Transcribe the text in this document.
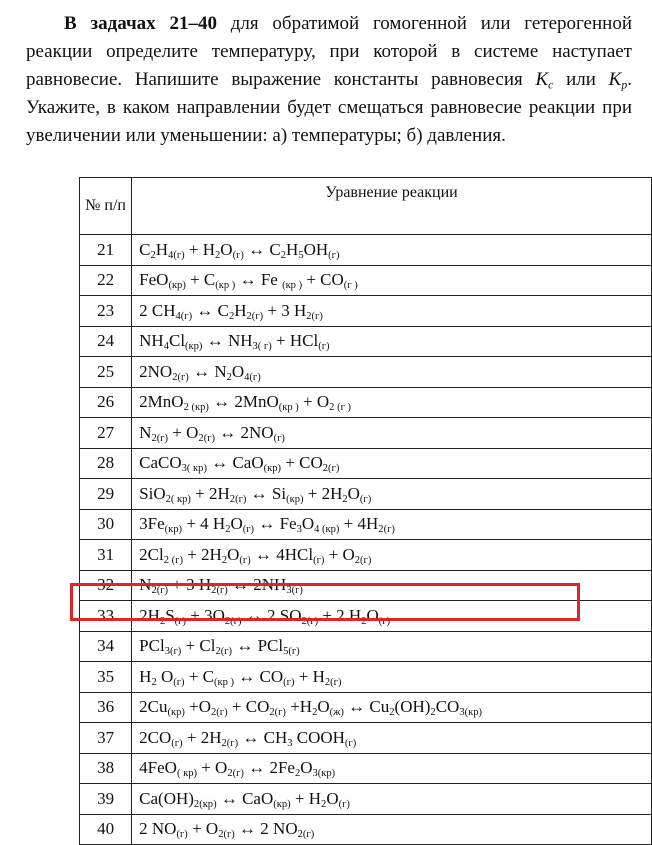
В задачах 21–40 для обратимой гомогенной или гетерогенной реакции определите температуру, при которой в системе наступает равновесие. Напишите выражение константы равновесия $K_c$ или $K_p$. Укажите, в каком направлении будет смещаться равновесие реакции при увеличении или уменьшении: а) температуры; б) давления.
№ п/п	Уравнение реакции
21	$C_2H_{4(г)} + H_2O_{(г)}$ ↔ $C_2H_5OH_{(г)}$
22	$FeO_{(кр)} + C_{(кр )}$ ↔ Fe $_{(кр )} + CO_{(г )}$
23	2 $CH_{4(г)}$ ↔ $C_2H_{2(г)} + 3$ $H_{2(г)}$
24	$NH_4Cl_{(кр)}$ ↔ $NH_{3( г)} + HCl_{(г)}$
25	$2NO_{2(г)}$ ↔ $N_2O_{4(г)}$
26	2MnO$_{2 (кр)}$ ↔ $2MnO_{(кр )} + O_{2 (г )}$
27	$N_{2(г)} + O_{2(г)}$ ↔ $2NO_{(г)}$
28	CaCO$_{3( кр)}$ ↔ $CaO_{(кр)} + CO_{2(г)}$
29	$SiO_{2( кр)} + 2H_{2(г)}$ ↔ $Si_{(кр)} + 2H_2O_{(г)}$
30	$3Fe_{(кр)} + 4$ $H_2O_{(г)}$ ↔ $Fe_3O_{4 (кр)} + 4H_{2(г)}$
31	$2Cl_{2 (г)} + 2H_2O_{(г)}$ ↔ $4HCl_{(г)} + O_{2(г)}$
32	$N_{2(г)} + 3$ $H_{2(г)}$ ↔ $2NH_{3(г)}$
33	$2H_2S_{(г)} + 3O_{2(г)}$ ↔ 2 $SO_{2(г)} + 2$ $H_2O_{(г)}$
34	$PCl_{3(г)} + Cl_{2(г)}$ ↔ PCl$_{5(г)}$
35	$H_2$ $O_{(г)} + C_{(кр )}$ ↔ $CO_{(г)} + H_{2(г)}$
36	$2Cu_{(кр)} +O_{2(г)} + CO_{2(г)} +H_2O_{(ж)}$ ↔ $Cu_2(OH)_2CO_{3(кр)}$
37	$2CO_{(г)} + 2H_{2(г)}$ ↔ $CH_3$ $COOH_{(г)}$
38	$4FeO_{( кр)} + O_{2(г)}$ ↔ $2Fe_2O_{3(кр)}$
39	$Ca(OH)_{2(кр)}$ ↔ $CaO_{(кр)} + H_2O_{(г)}$
40	2 $NO_{(г)} + O_{2(г)}$ ↔ 2 $NO_{2(г)}$
